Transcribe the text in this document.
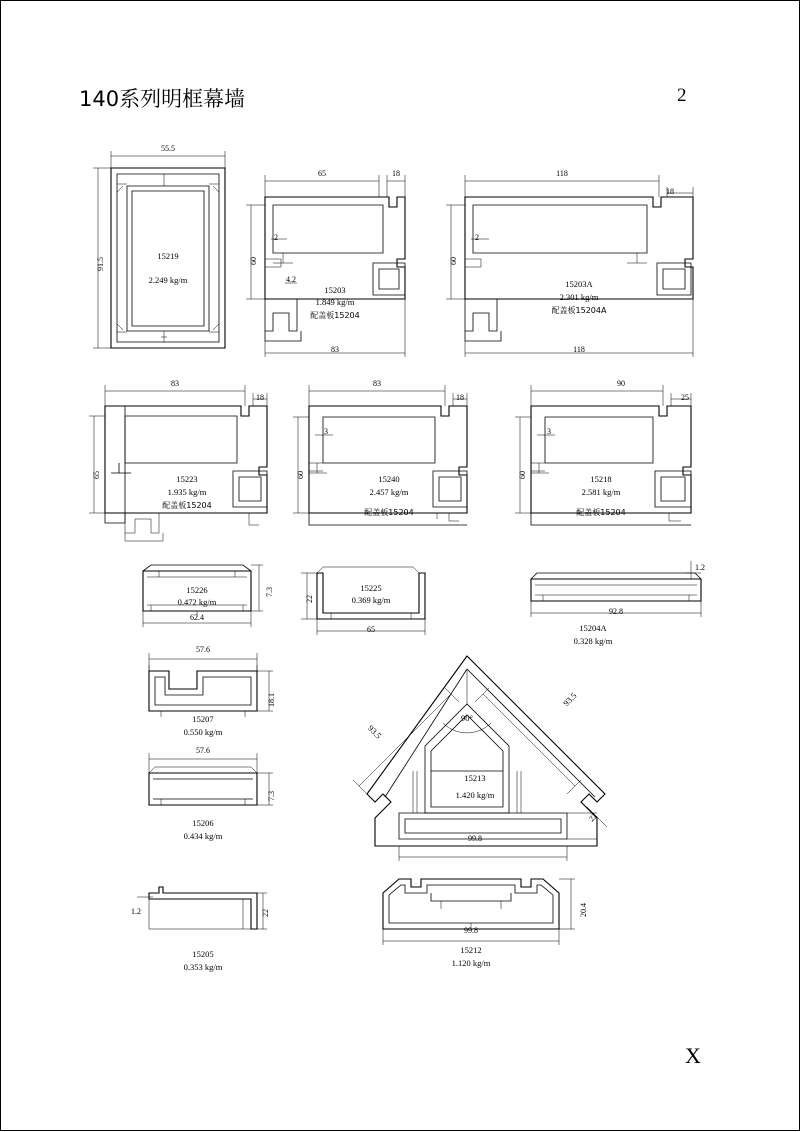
140系列明框幕墙	2
X
55.5
91.5
15219
2.249 kg/m
65	18
60
83
2
4.2
15203
1.849 kg/m
配盖板15204
118
18
60
118
2
15203A
2.301 kg/m
配盖板15204A
83
18
65	15223
1.935 kg/m
配盖板15204
83
18
60
3
15240
2.457 kg/m
配盖板15204
90
25
60
3
15218
2.581 kg/m
配盖板15204
15226
0.472 kg/m
62.4
7.3	15225
0.369 kg/m
65
22
1.2
92.8
15204A
0.328 kg/m
57.6
18.1
15207
0.550 kg/m
57.6
7.3
15206
0.434 kg/m
93.5
93.5
90°
15213
1.420 kg/m
99.8
22
1.2	22
15205
0.353 kg/m
99.8
20.4
15212
1.120 kg/m
